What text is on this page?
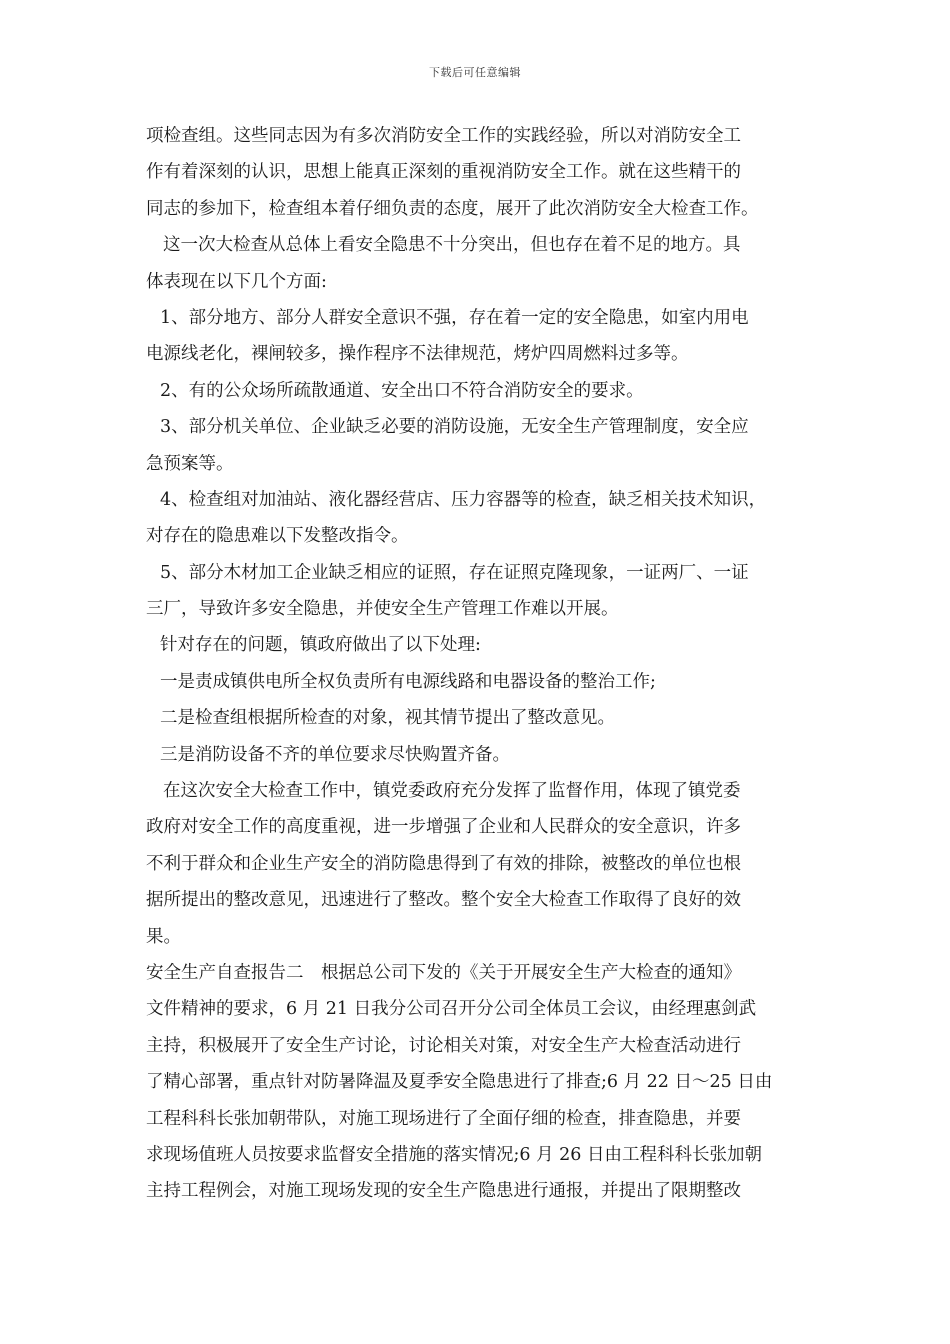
下载后可任意编辑
项检查组。这些同志因为有多次消防安全工作的实践经验，所以对消防安全工
作有着深刻的认识，思想上能真正深刻的重视消防安全工作。就在这些精干的
同志的参加下，检查组本着仔细负责的态度，展开了此次消防安全大检查工作。
这一次大检查从总体上看安全隐患不十分突出，但也存在着不足的地方。具
体表现在以下几个方面:
1、部分地方、部分人群安全意识不强，存在着一定的安全隐患，如室内用电
电源线老化，裸闸较多，操作程序不法律规范，烤炉四周燃料过多等。
2、有的公众场所疏散通道、安全出口不符合消防安全的要求。
3、部分机关单位、企业缺乏必要的消防设施，无安全生产管理制度，安全应
急预案等。
4、检查组对加油站、液化器经营店、压力容器等的检查，缺乏相关技术知识，
对存在的隐患难以下发整改指令。
5、部分木材加工企业缺乏相应的证照，存在证照克隆现象，一证两厂、一证
三厂，导致许多安全隐患，并使安全生产管理工作难以开展。
针对存在的问题，镇政府做出了以下处理:
一是责成镇供电所全权负责所有电源线路和电器设备的整治工作;
二是检查组根据所检查的对象，视其情节提出了整改意见。
三是消防设备不齐的单位要求尽快购置齐备。
在这次安全大检查工作中，镇党委政府充分发挥了监督作用，体现了镇党委
政府对安全工作的高度重视，进一步增强了企业和人民群众的安全意识，许多
不利于群众和企业生产安全的消防隐患得到了有效的排除，被整改的单位也根
据所提出的整改意见，迅速进行了整改。整个安全大检查工作取得了良好的效
果。
安全生产自查报告二　根据总公司下发的《关于开展安全生产大检查的通知》
文件精神的要求，6 月 21 日我分公司召开分公司全体员工会议，由经理惠剑武
主持，积极展开了安全生产讨论，讨论相关对策，对安全生产大检查活动进行
了精心部署，重点针对防暑降温及夏季安全隐患进行了排查;6 月 22 日～25 日由
工程科科长张加朝带队，对施工现场进行了全面仔细的检查，排查隐患，并要
求现场值班人员按要求监督安全措施的落实情况;6 月 26 日由工程科科长张加朝
主持工程例会，对施工现场发现的安全生产隐患进行通报，并提出了限期整改
